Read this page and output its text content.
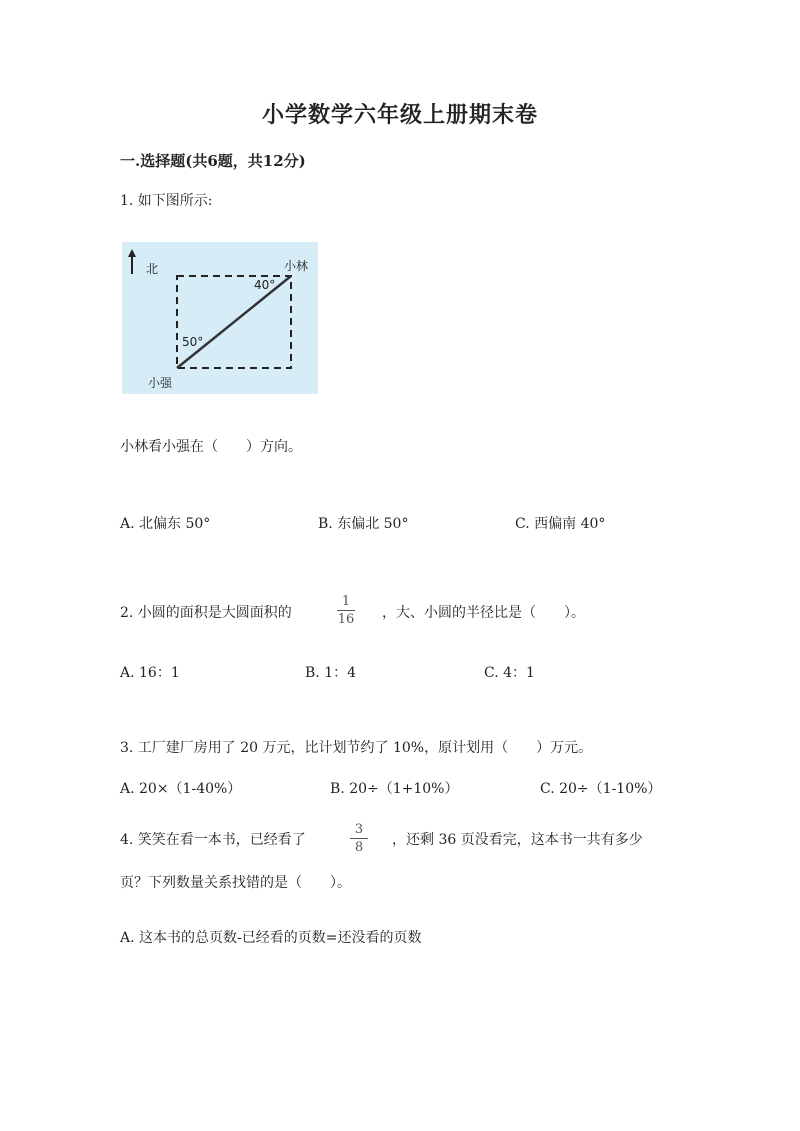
小学数学六年级上册期末卷
一.选择题(共6题，共12分)
1. 如下图所示:
北	小林
小强
40°
50°
小林看小强在（　　）方向。
A. 北偏东 50°	B. 东偏北 50°	C. 西偏南 40°
2. 小圆的面积是大圆面积的
1
16 ，大、小圆的半径比是（　　）。
A. 16：1	B. 1：4	C. 4：1
3. 工厂建厂房用了 20 万元，比计划节约了 10%，原计划用（　　）万元。
A. 20×（1-40%）	B. 20÷（1+10%）	C. 20÷（1-10%）
4. 笑笑在看一本书，已经看了
3
8 ，还剩 36 页没看完，这本书一共有多少
页？下列数量关系找错的是（　　）。
A. 这本书的总页数-已经看的页数=还没看的页数
